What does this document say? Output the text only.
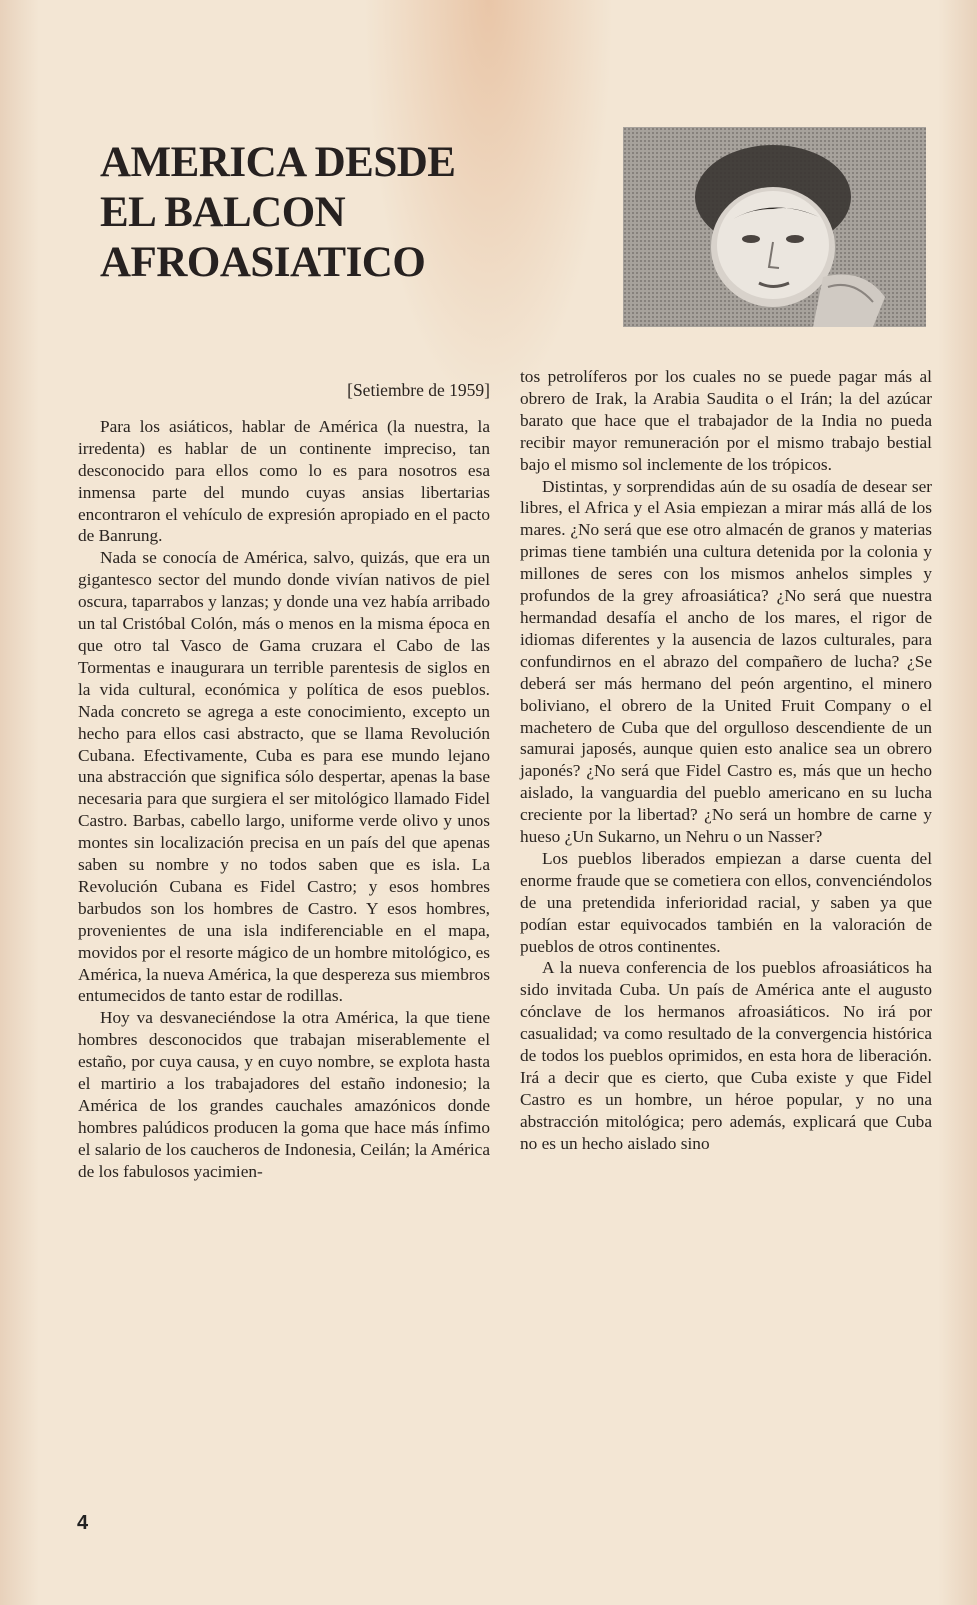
AMERICA DESDE
EL BALCON
AFROASIATICO

[Setiembre de 1959]

Para los asiáticos, hablar de América (la nuestra, la irredenta) es hablar de un continente impreciso, tan desconocido para ellos como lo es para nosotros esa inmensa parte del mundo cuyas ansias libertarias encontraron el vehículo de expresión apropiado en el pacto de Banrung.

Nada se conocía de América, salvo, quizás, que era un gigantesco sector del mundo donde vivían nativos de piel oscura, taparrabos y lanzas; y donde una vez había arribado un tal Cristóbal Colón, más o menos en la misma época en que otro tal Vasco de Gama cruzara el Cabo de las Tormentas e inaugurara un terrible parentesis de siglos en la vida cultural, económica y política de esos pueblos. Nada concreto se agrega a este conocimiento, excepto un hecho para ellos casi abstracto, que se llama Revolución Cubana. Efectivamente, Cuba es para ese mundo lejano una abstracción que significa sólo despertar, apenas la base necesaria para que surgiera el ser mitológico llamado Fidel Castro. Barbas, cabello largo, uniforme verde olivo y unos montes sin localización precisa en un país del que apenas saben su nombre y no todos saben que es isla. La Revolución Cubana es Fidel Castro; y esos hombres barbudos son los hombres de Castro. Y esos hombres, provenientes de una isla indiferenciable en el mapa, movidos por el resorte mágico de un hombre mitológico, es América, la nueva América, la que despereza sus miembros entumecidos de tanto estar de rodillas.

Hoy va desvaneciéndose la otra América, la que tiene hombres desconocidos que trabajan miserablemente el estaño, por cuya causa, y en cuyo nombre, se explota hasta el martirio a los trabajadores del estaño indonesio; la América de los grandes cauchales amazónicos donde hombres palúdicos producen la goma que hace más ínfimo el salario de los caucheros de Indonesia, Ceilán; la América de los fabulosos yacimien-

tos petrolíferos por los cuales no se puede pagar más al obrero de Irak, la Arabia Saudita o el Irán; la del azúcar barato que hace que el trabajador de la India no pueda recibir mayor remuneración por el mismo trabajo bestial bajo el mismo sol inclemente de los trópicos.

Distintas, y sorprendidas aún de su osadía de desear ser libres, el Africa y el Asia empiezan a mirar más allá de los mares. ¿No será que ese otro almacén de granos y materias primas tiene también una cultura detenida por la colonia y millones de seres con los mismos anhelos simples y profundos de la grey afroasiática? ¿No será que nuestra hermandad desafía el ancho de los mares, el rigor de idiomas diferentes y la ausencia de lazos culturales, para confundirnos en el abrazo del compañero de lucha? ¿Se deberá ser más hermano del peón argentino, el minero boliviano, el obrero de la United Fruit Company o el machetero de Cuba que del orgulloso descendiente de un samurai japosés, aunque quien esto analice sea un obrero japonés? ¿No será que Fidel Castro es, más que un hecho aislado, la vanguardia del pueblo americano en su lucha creciente por la libertad? ¿No será un hombre de carne y hueso ¿Un Sukarno, un Nehru o un Nasser?

Los pueblos liberados empiezan a darse cuenta del enorme fraude que se cometiera con ellos, convenciéndolos de una pretendida inferioridad racial, y saben ya que podían estar equivocados también en la valoración de pueblos de otros continentes.

A la nueva conferencia de los pueblos afroasiáticos ha sido invitada Cuba. Un país de América ante el augusto cónclave de los hermanos afroasiáticos. No irá por casualidad; va como resultado de la convergencia histórica de todos los pueblos oprimidos, en esta hora de liberación. Irá a decir que es cierto, que Cuba existe y que Fidel Castro es un hombre, un héroe popular, y no una abstracción mitológica; pero además, explicará que Cuba no es un hecho aislado sino

4
